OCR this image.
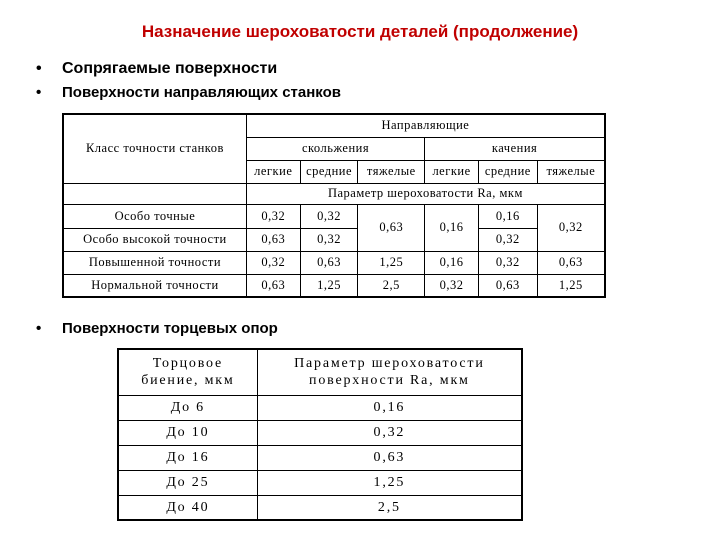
Назначение шероховатости деталей (продолжение)
• Сопрягаемые поверхности
• Поверхности направляющих станков
Класс точности станков	Направляющие					
	скольжения			качения		
	легкие	средние	тяжелые	легкие	средние	тяжелые
	Параметр шероховатости Ra, мкм					
Особо точные	0,32	0,32	0,63	0,16	0,16	0,32
Особо высокой точности	0,63	0,32			0,32	
Повышенной точности	0,32	0,63	1,25	0,16	0,32	0,63
Нормальной точности	0,63	1,25	2,5	0,32	0,63	1,25
• Поверхности торцевых опор
Торцовое
биение, мкм	Параметр шероховатости
поверхности Ra, мкм
До 6	0,16
До 10	0,32
До 16	0,63
До 25	1,25
До 40	2,5
